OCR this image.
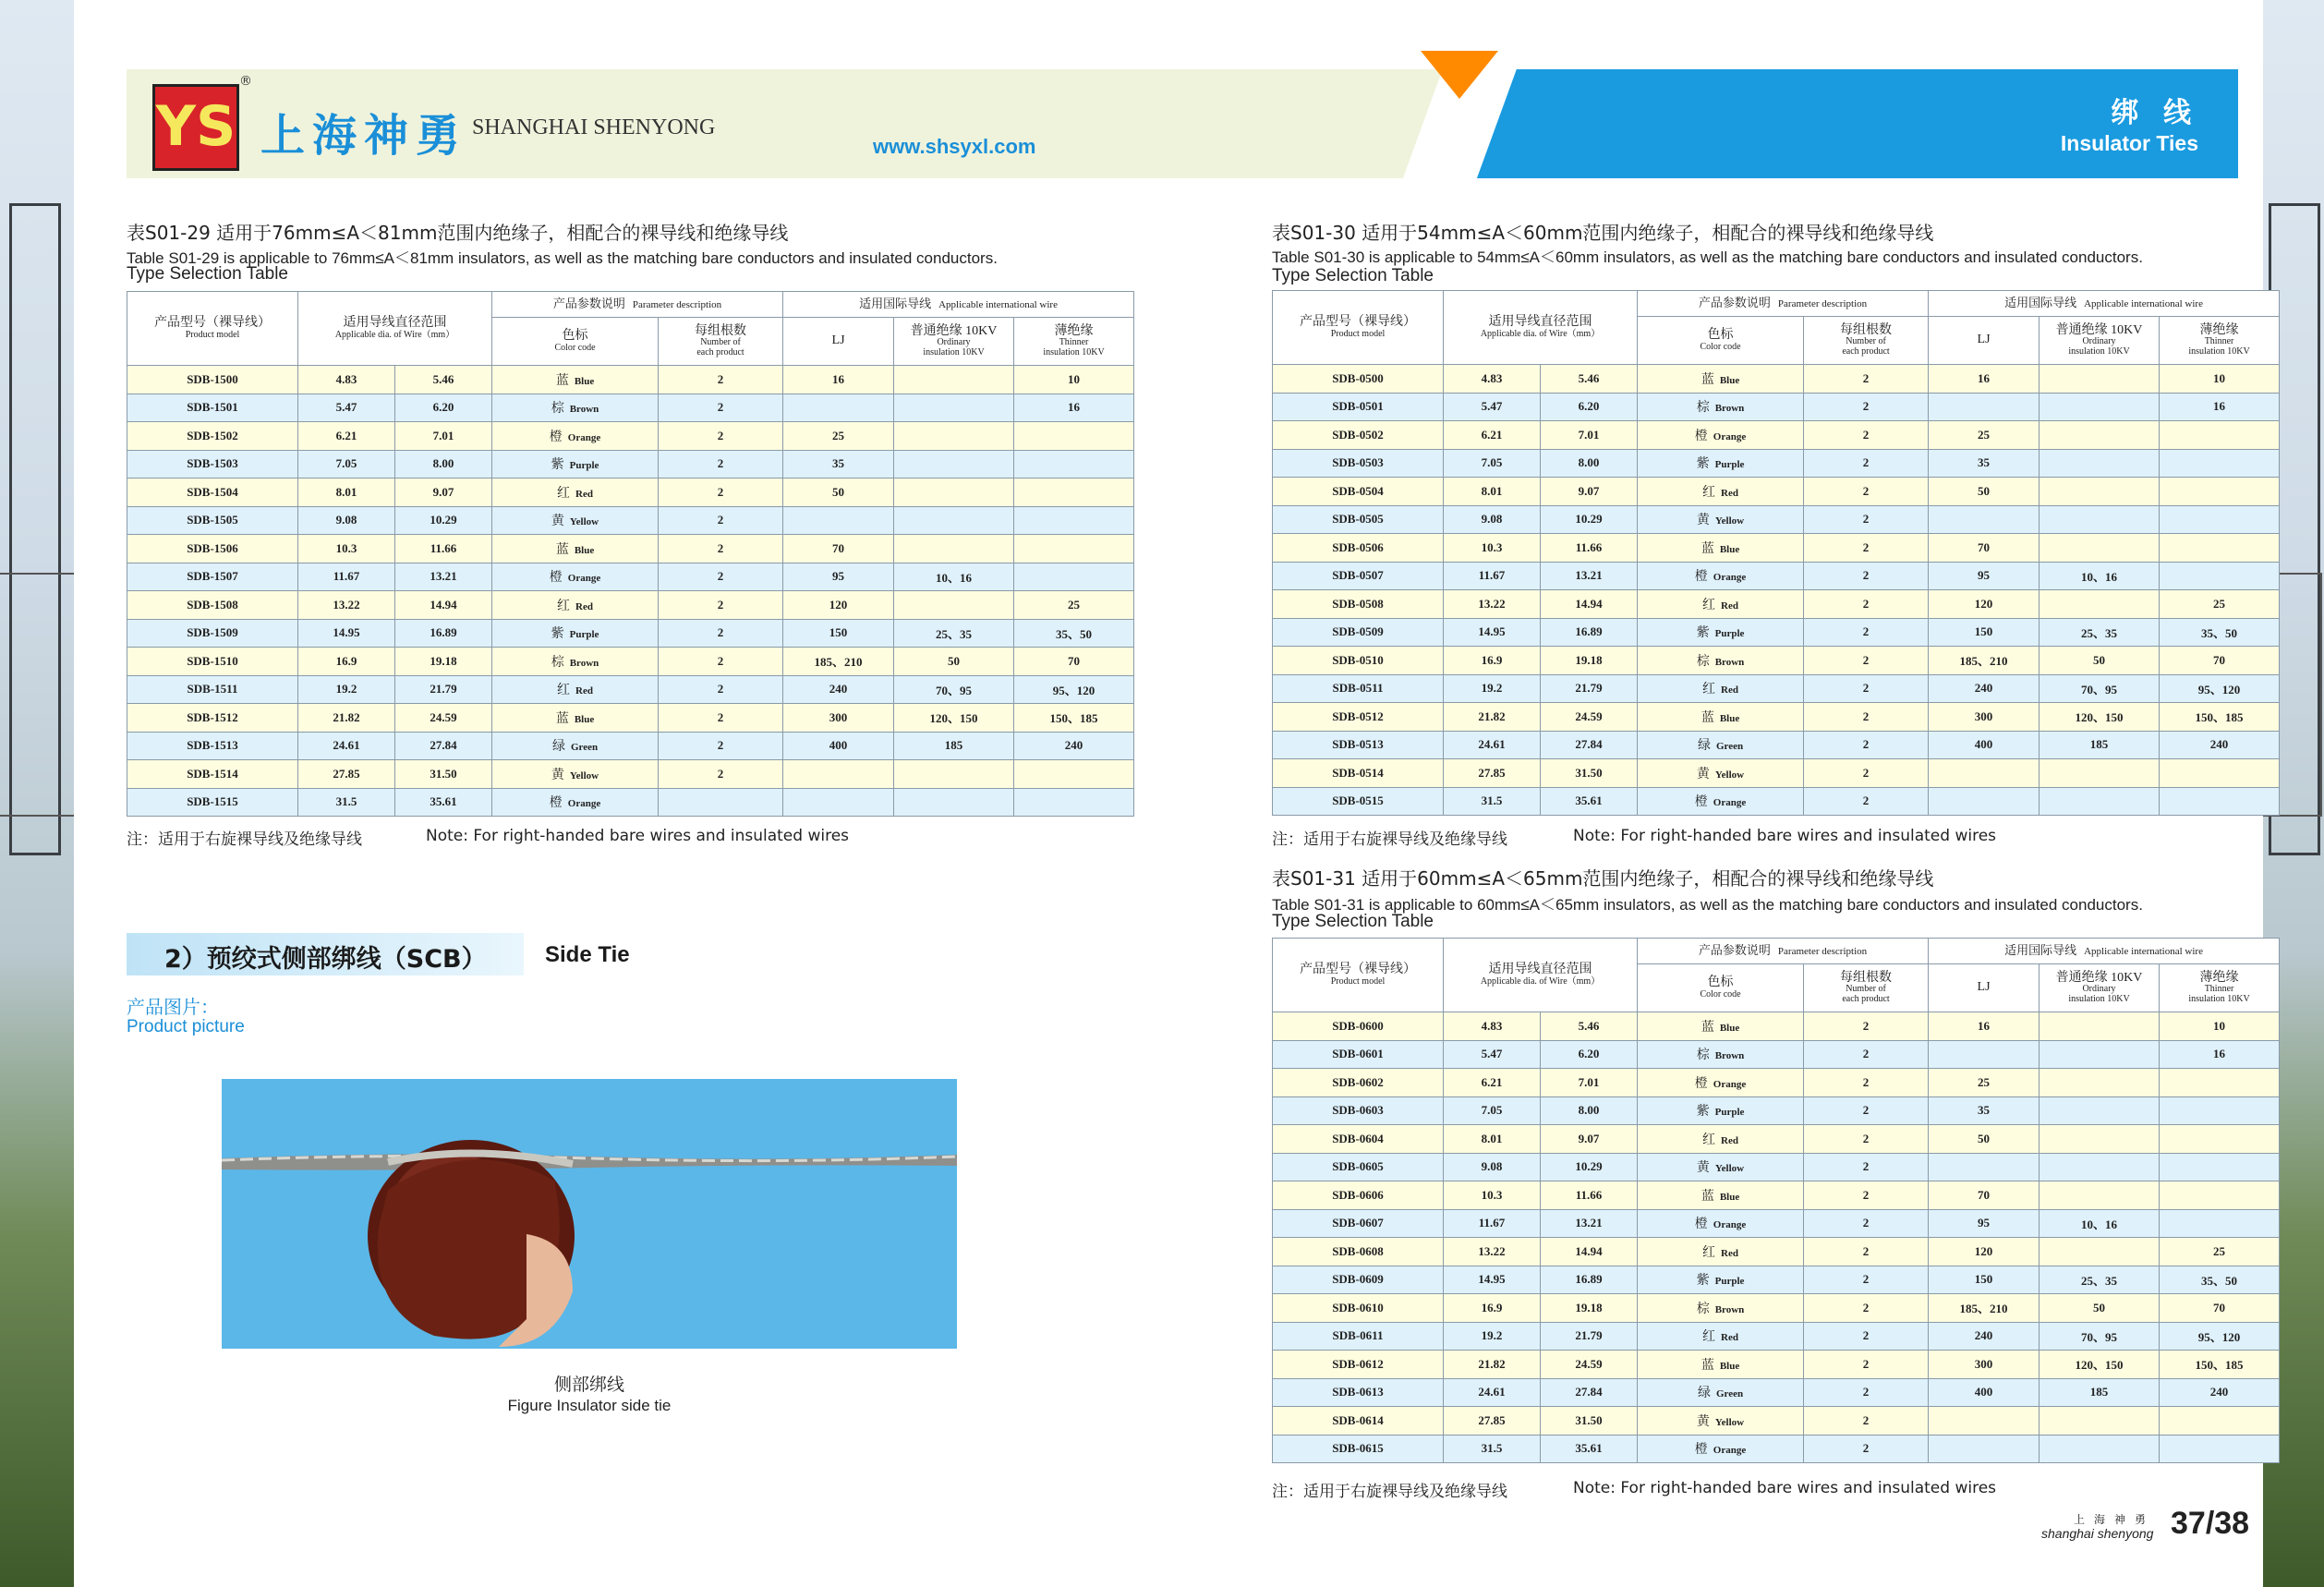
YS
®
上海神勇 SHANGHAI SHENYONG
www.shsyxl.com
绑 线
Insulator Ties
表S01-29 适用于76mm≤A＜81mm范围内绝缘子，相配合的裸导线和绝缘导线
Table S01-29 is applicable to 76mm≤A＜81mm insulators, as well as the matching bare conductors and insulated conductors.
Type Selection Table
表S01-30 适用于54mm≤A＜60mm范围内绝缘子，相配合的裸导线和绝缘导线
Table S01-30 is applicable to 54mm≤A＜60mm insulators, as well as the matching bare conductors and insulated conductors.
Type Selection Table
表S01-31 适用于60mm≤A＜65mm范围内绝缘子，相配合的裸导线和绝缘导线
Table S01-31 is applicable to 60mm≤A＜65mm insulators, as well as the matching bare conductors and insulated conductors.
Type Selection Table
产品型号（裸导线）
Product model	适用导线直径范围
Applicable dia. of Wire（mm）		产品参数说明 Parameter description		适用国际导线 Applicable international wire		

			色标
Color code	每组根数
Number of
each product	LJ	普通绝缘 10KV
Ordinary
insulation 10KV	薄绝缘
Thinner
insulation 10KV

SDB-1500	4.83	5.46	蓝 Blue	2	16		10
SDB-1501	5.47	6.20	棕 Brown	2			16
SDB-1502	6.21	7.01	橙 Orange	2	25		
SDB-1503	7.05	8.00	紫 Purple	2	35		
SDB-1504	8.01	9.07	红 Red	2	50		
SDB-1505	9.08	10.29	黄 Yellow	2			
SDB-1506	10.3	11.66	蓝 Blue	2	70		
SDB-1507	11.67	13.21	橙 Orange	2	95	10、16	
SDB-1508	13.22	14.94	红 Red	2	120		25
SDB-1509	14.95	16.89	紫 Purple	2	150	25、35	35、50
SDB-1510	16.9	19.18	棕 Brown	2	185、210	50	70
SDB-1511	19.2	21.79	红 Red	2	240	70、95	95、120
SDB-1512	21.82	24.59	蓝 Blue	2	300	120、150	150、185
SDB-1513	24.61	27.84	绿 Green	2	400	185	240
SDB-1514	27.85	31.50	黄 Yellow	2			
SDB-1515	31.5	35.61	橙 Orange				
产品型号（裸导线）
Product model	适用导线直径范围
Applicable dia. of Wire（mm）		产品参数说明 Parameter description		适用国际导线 Applicable international wire		

			色标
Color code	每组根数
Number of
each product	LJ	普通绝缘 10KV
Ordinary
insulation 10KV	薄绝缘
Thinner
insulation 10KV

SDB-0500	4.83	5.46	蓝 Blue	2	16		10
SDB-0501	5.47	6.20	棕 Brown	2			16
SDB-0502	6.21	7.01	橙 Orange	2	25		
SDB-0503	7.05	8.00	紫 Purple	2	35		
SDB-0504	8.01	9.07	红 Red	2	50		
SDB-0505	9.08	10.29	黄 Yellow	2			
SDB-0506	10.3	11.66	蓝 Blue	2	70		
SDB-0507	11.67	13.21	橙 Orange	2	95	10、16	
SDB-0508	13.22	14.94	红 Red	2	120		25
SDB-0509	14.95	16.89	紫 Purple	2	150	25、35	35、50
SDB-0510	16.9	19.18	棕 Brown	2	185、210	50	70
SDB-0511	19.2	21.79	红 Red	2	240	70、95	95、120
SDB-0512	21.82	24.59	蓝 Blue	2	300	120、150	150、185
SDB-0513	24.61	27.84	绿 Green	2	400	185	240
SDB-0514	27.85	31.50	黄 Yellow	2			
SDB-0515	31.5	35.61	橙 Orange	2			
产品型号（裸导线）
Product model	适用导线直径范围
Applicable dia. of Wire（mm）		产品参数说明 Parameter description		适用国际导线 Applicable international wire		

			色标
Color code	每组根数
Number of
each product	LJ	普通绝缘 10KV
Ordinary
insulation 10KV	薄绝缘
Thinner
insulation 10KV

SDB-0600	4.83	5.46	蓝 Blue	2	16		10
SDB-0601	5.47	6.20	棕 Brown	2			16
SDB-0602	6.21	7.01	橙 Orange	2	25		
SDB-0603	7.05	8.00	紫 Purple	2	35		
SDB-0604	8.01	9.07	红 Red	2	50		
SDB-0605	9.08	10.29	黄 Yellow	2			
SDB-0606	10.3	11.66	蓝 Blue	2	70		
SDB-0607	11.67	13.21	橙 Orange	2	95	10、16	
SDB-0608	13.22	14.94	红 Red	2	120		25
SDB-0609	14.95	16.89	紫 Purple	2	150	25、35	35、50
SDB-0610	16.9	19.18	棕 Brown	2	185、210	50	70
SDB-0611	19.2	21.79	红 Red	2	240	70、95	95、120
SDB-0612	21.82	24.59	蓝 Blue	2	300	120、150	150、185
SDB-0613	24.61	27.84	绿 Green	2	400	185	240
SDB-0614	27.85	31.50	黄 Yellow	2			
SDB-0615	31.5	35.61	橙 Orange	2			
注：适用于右旋裸导线及绝缘导线	Note: For right-handed bare wires and insulated wires	注：适用于右旋裸导线及绝缘导线	Note: For right-handed bare wires and insulated wires
注：适用于右旋裸导线及绝缘导线	Note: For right-handed bare wires and insulated wires
2）预绞式侧部绑线（SCB）	Side Tie
产品图片：
Product picture
侧部绑线
Figure Insulator side tie
上海神勇
shanghai shenyong 37/38
